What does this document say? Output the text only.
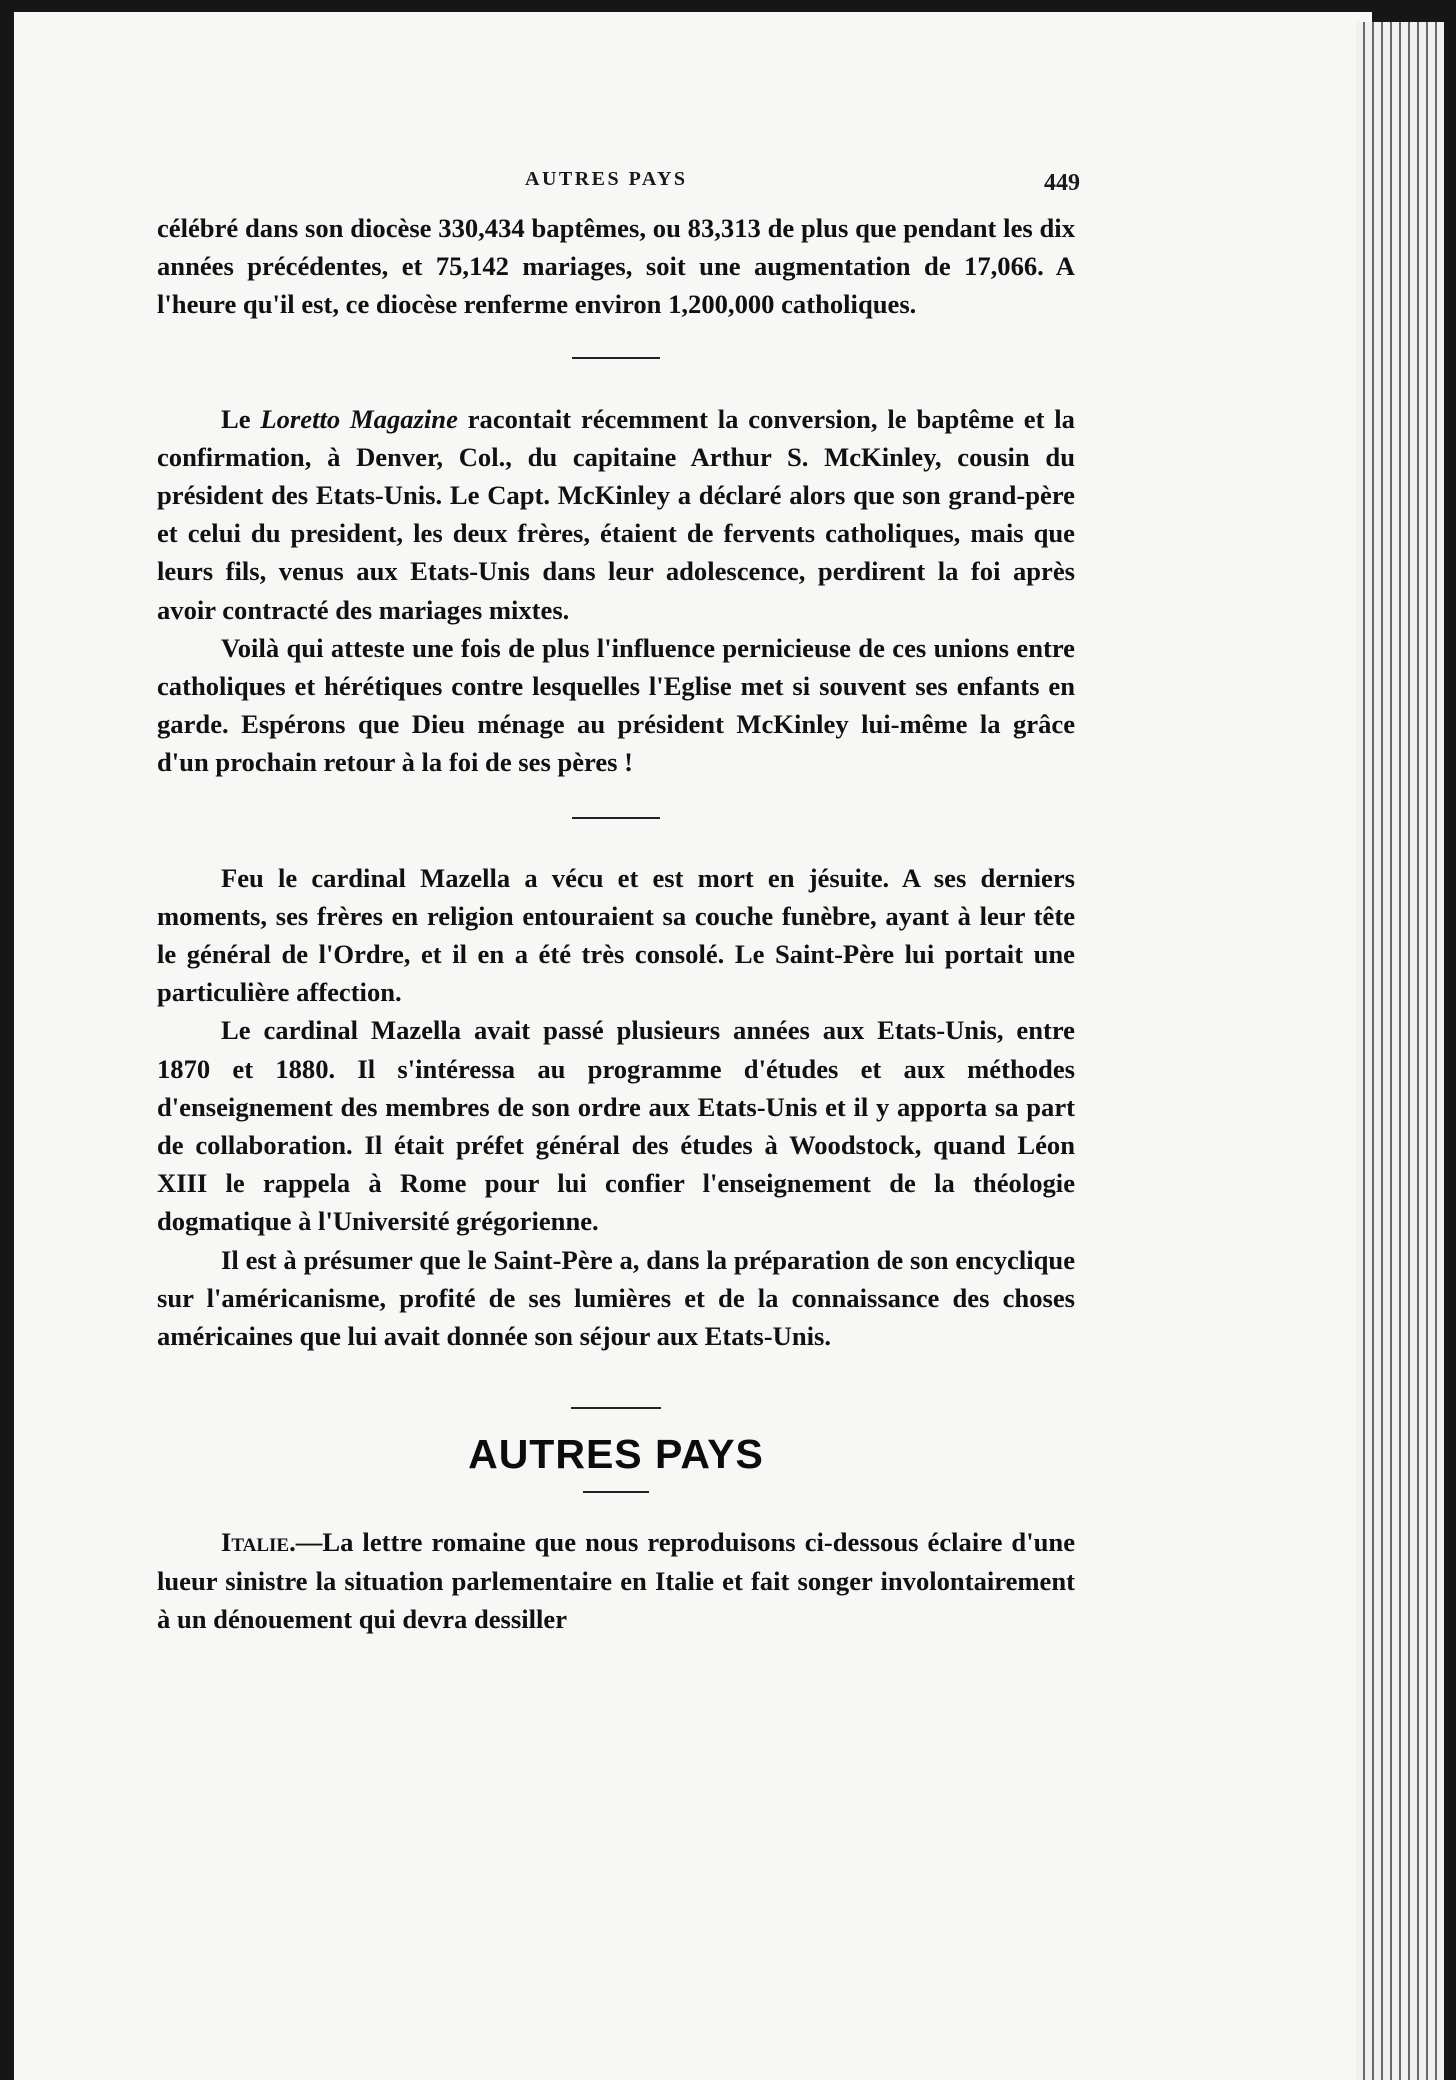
AUTRES PAYS	449

célébré dans son diocèse 330,434 baptêmes, ou 83,313 de plus que pendant les dix années précédentes, et 75,142 mariages, soit une augmentation de 17,066. A l'heure qu'il est, ce diocèse renferme environ 1,200,000 catholiques.

Le Loretto Magazine racontait récemment la conversion, le baptême et la confirmation, à Denver, Col., du capitaine Arthur S. McKinley, cousin du président des Etats-Unis. Le Capt. McKinley a déclaré alors que son grand-père et celui du president, les deux frères, étaient de fervents catholiques, mais que leurs fils, venus aux Etats-Unis dans leur adolescence, perdirent la foi après avoir contracté des mariages mixtes.

Voilà qui atteste une fois de plus l'influence pernicieuse de ces unions entre catholiques et hérétiques contre lesquelles l'Eglise met si souvent ses enfants en garde. Espérons que Dieu ménage au président McKinley lui-même la grâce d'un prochain retour à la foi de ses pères !

Feu le cardinal Mazella a vécu et est mort en jésuite. A ses derniers moments, ses frères en religion entouraient sa couche funèbre, ayant à leur tête le général de l'Ordre, et il en a été très consolé. Le Saint-Père lui portait une particulière affection.

Le cardinal Mazella avait passé plusieurs années aux Etats-Unis, entre 1870 et 1880. Il s'intéressa au programme d'études et aux méthodes d'enseignement des membres de son ordre aux Etats-Unis et il y apporta sa part de collaboration. Il était préfet général des études à Woodstock, quand Léon XIII le rappela à Rome pour lui confier l'enseignement de la théologie dogmatique à l'Université grégorienne.

Il est à présumer que le Saint-Père a, dans la préparation de son encyclique sur l'américanisme, profité de ses lumières et de la connaissance des choses américaines que lui avait donnée son séjour aux Etats-Unis.

AUTRES PAYS

Italie.—La lettre romaine que nous reproduisons ci-dessous éclaire d'une lueur sinistre la situation parlementaire en Italie et fait songer involontairement à un dénouement qui devra dessiller
